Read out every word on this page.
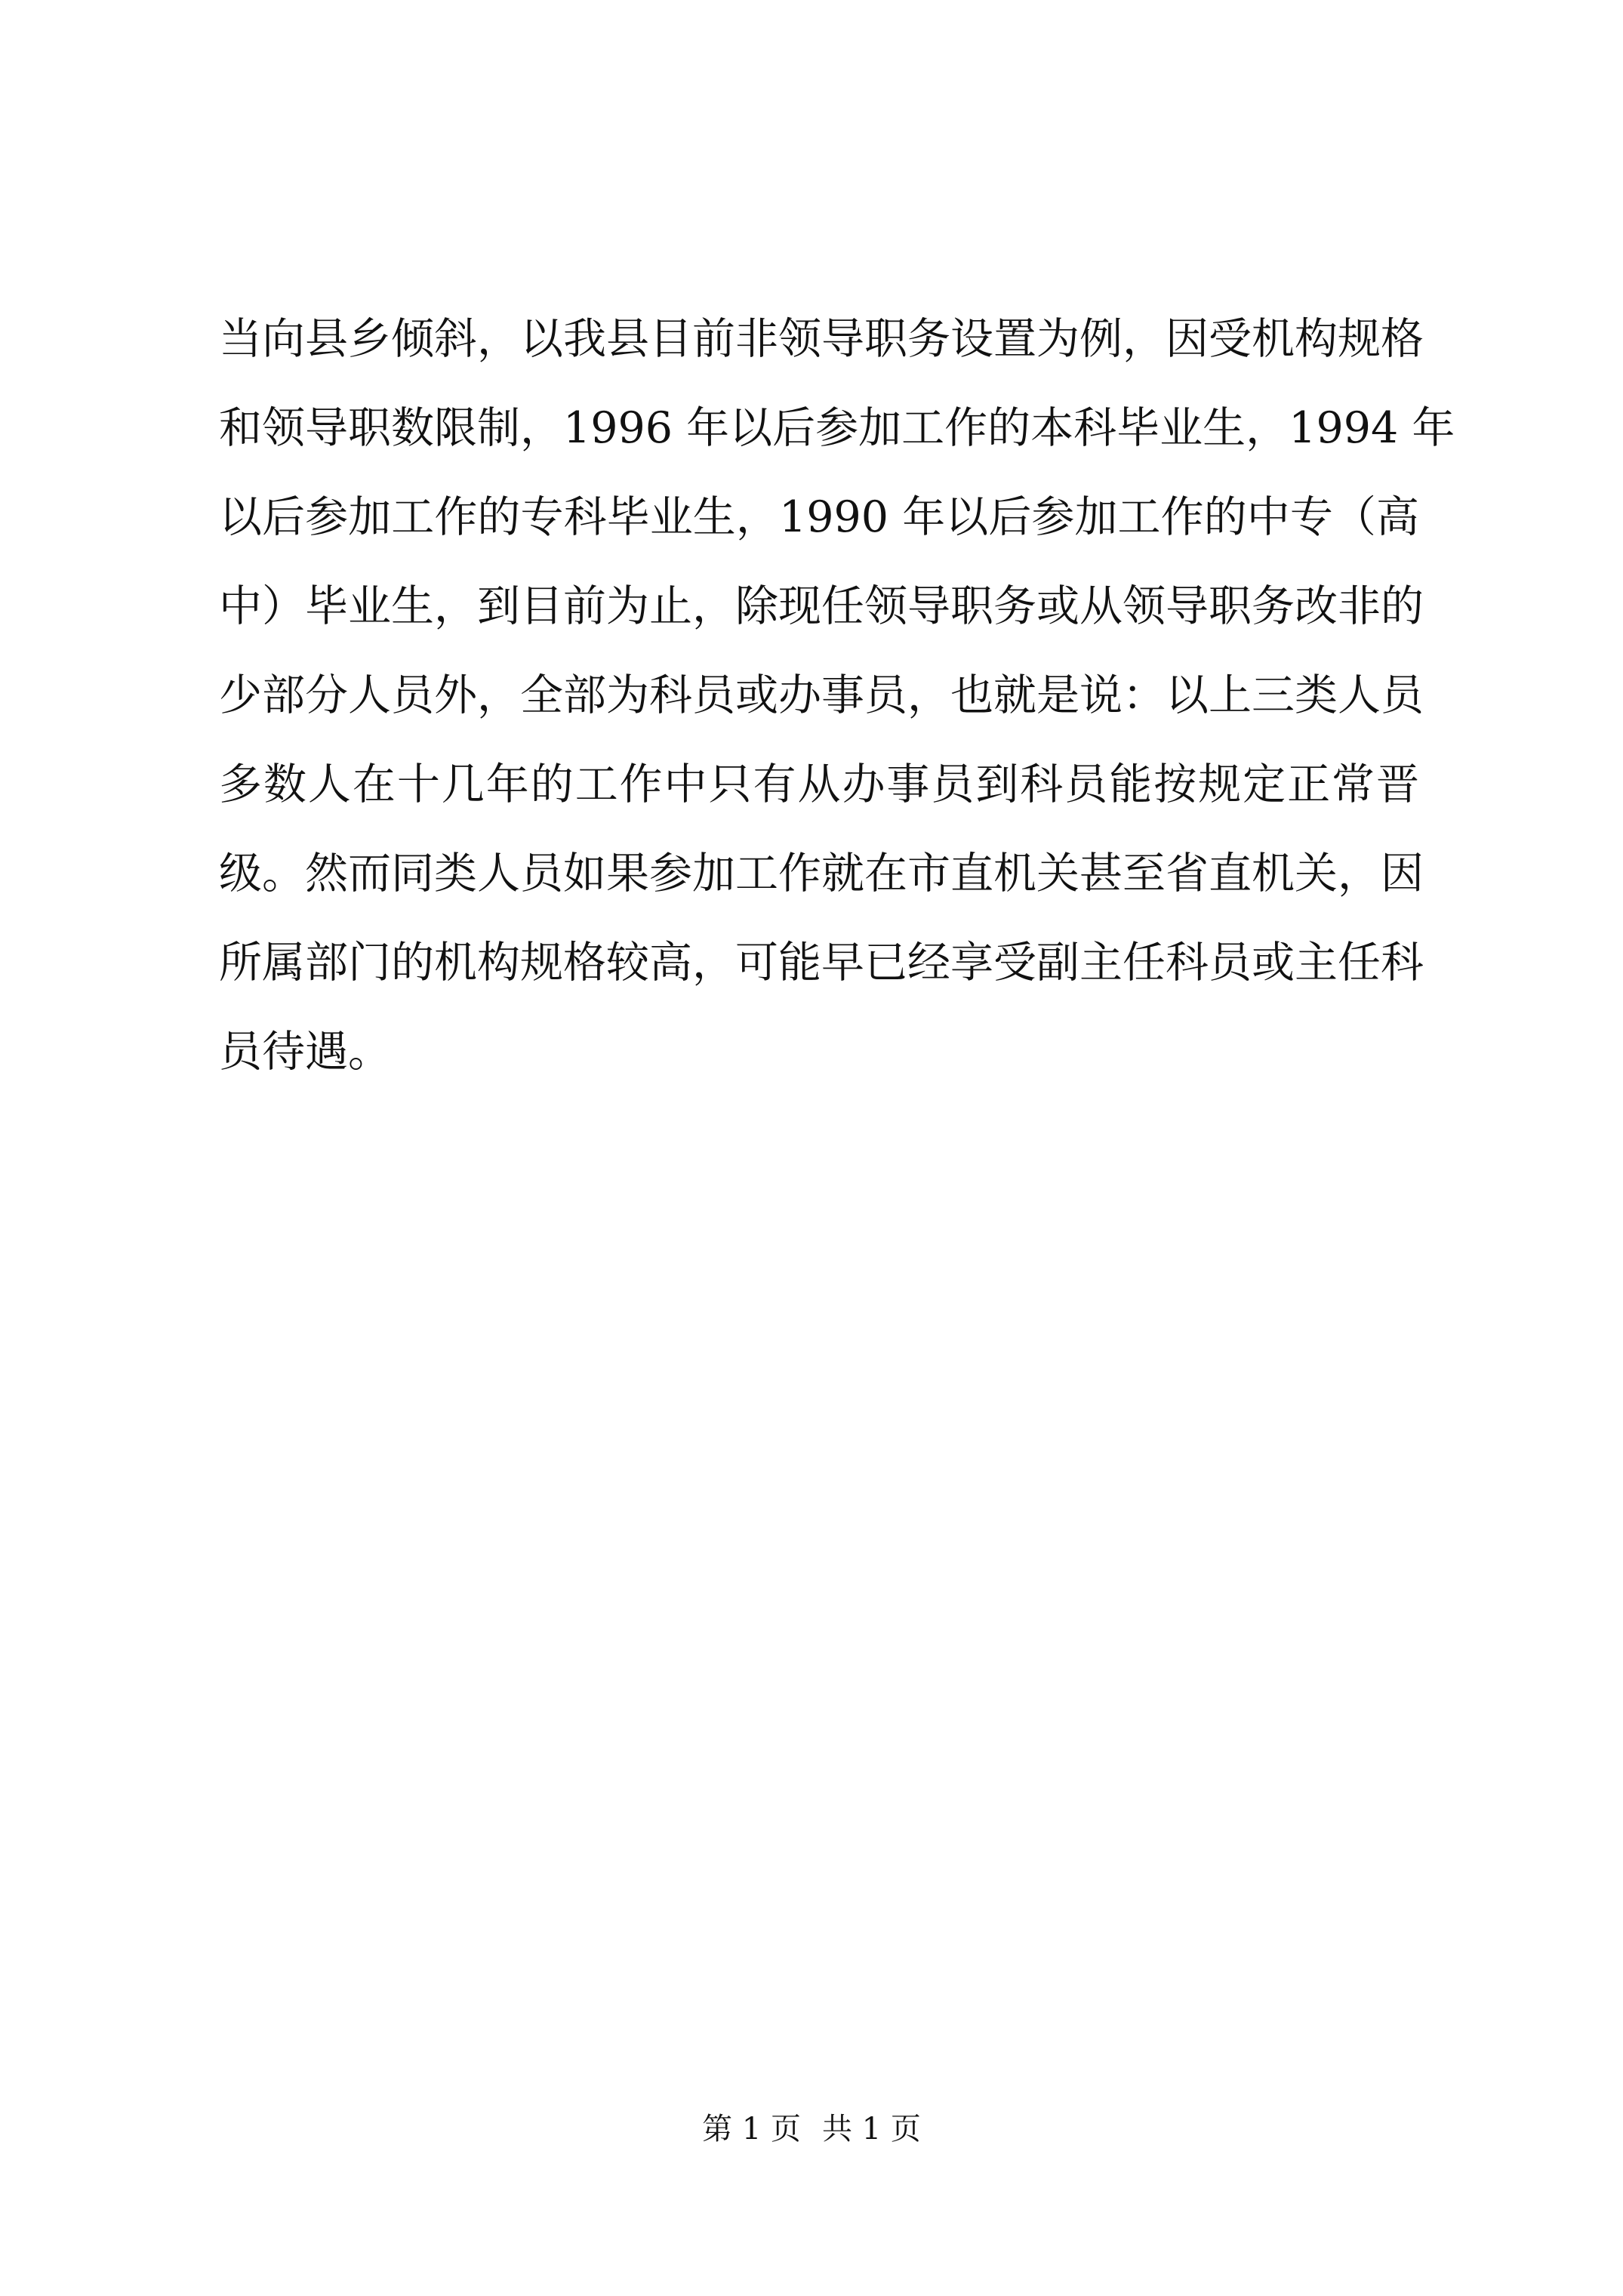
当向县乡倾斜，以我县目前非领导职务设置为例，因受机构规格
和领导职数限制，1996 年以后参加工作的本科毕业生，1994 年
以后参加工作的专科毕业生，1990 年以后参加工作的中专（高
中）毕业生，到目前为止，除现任领导职务或从领导职务改非的
少部分人员外，全部为科员或办事员，也就是说：以上三类人员
多数人在十几年的工作中只有从办事员到科员能按规定正常晋
级。然而同类人员如果参加工作就在市直机关甚至省直机关，因
所属部门的机构规格较高，可能早已经享受副主任科员或主任科
员待遇。
第 1 页 共 1 页
